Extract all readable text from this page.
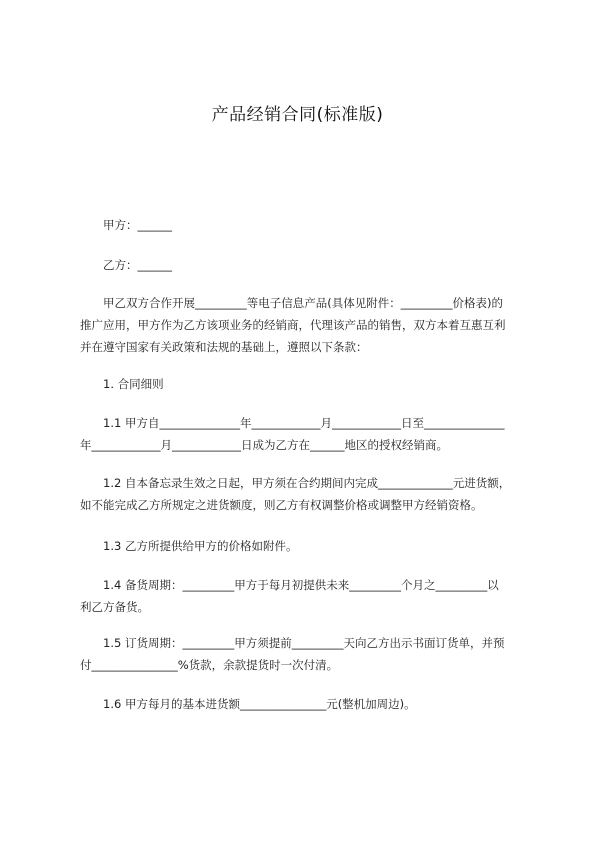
产品经销合同(标准版)
甲方：______
乙方：______
甲乙双方合作开展_________等电子信息产品(具体见附件：_________价格表)的
推广应用，甲方作为乙方该项业务的经销商，代理该产品的销售，双方本着互惠互利
并在遵守国家有关政策和法规的基础上，遵照以下条款：
1. 合同细则
1.1 甲方自______________年____________月____________日至______________
年____________月____________日成为乙方在______地区的授权经销商。
1.2 自本备忘录生效之日起，甲方须在合约期间内完成_____________元进货额，
如不能完成乙方所规定之进货额度，则乙方有权调整价格或调整甲方经销资格。
1.3 乙方所提供给甲方的价格如附件。
1.4 备货周期：_________甲方于每月初提供未来_________个月之_________以
利乙方备货。
1.5 订货周期：_________甲方须提前_________天向乙方出示书面订货单，并预
付_______________%货款，余款提货时一次付清。
1.6 甲方每月的基本进货额_______________元(整机加周边)。
